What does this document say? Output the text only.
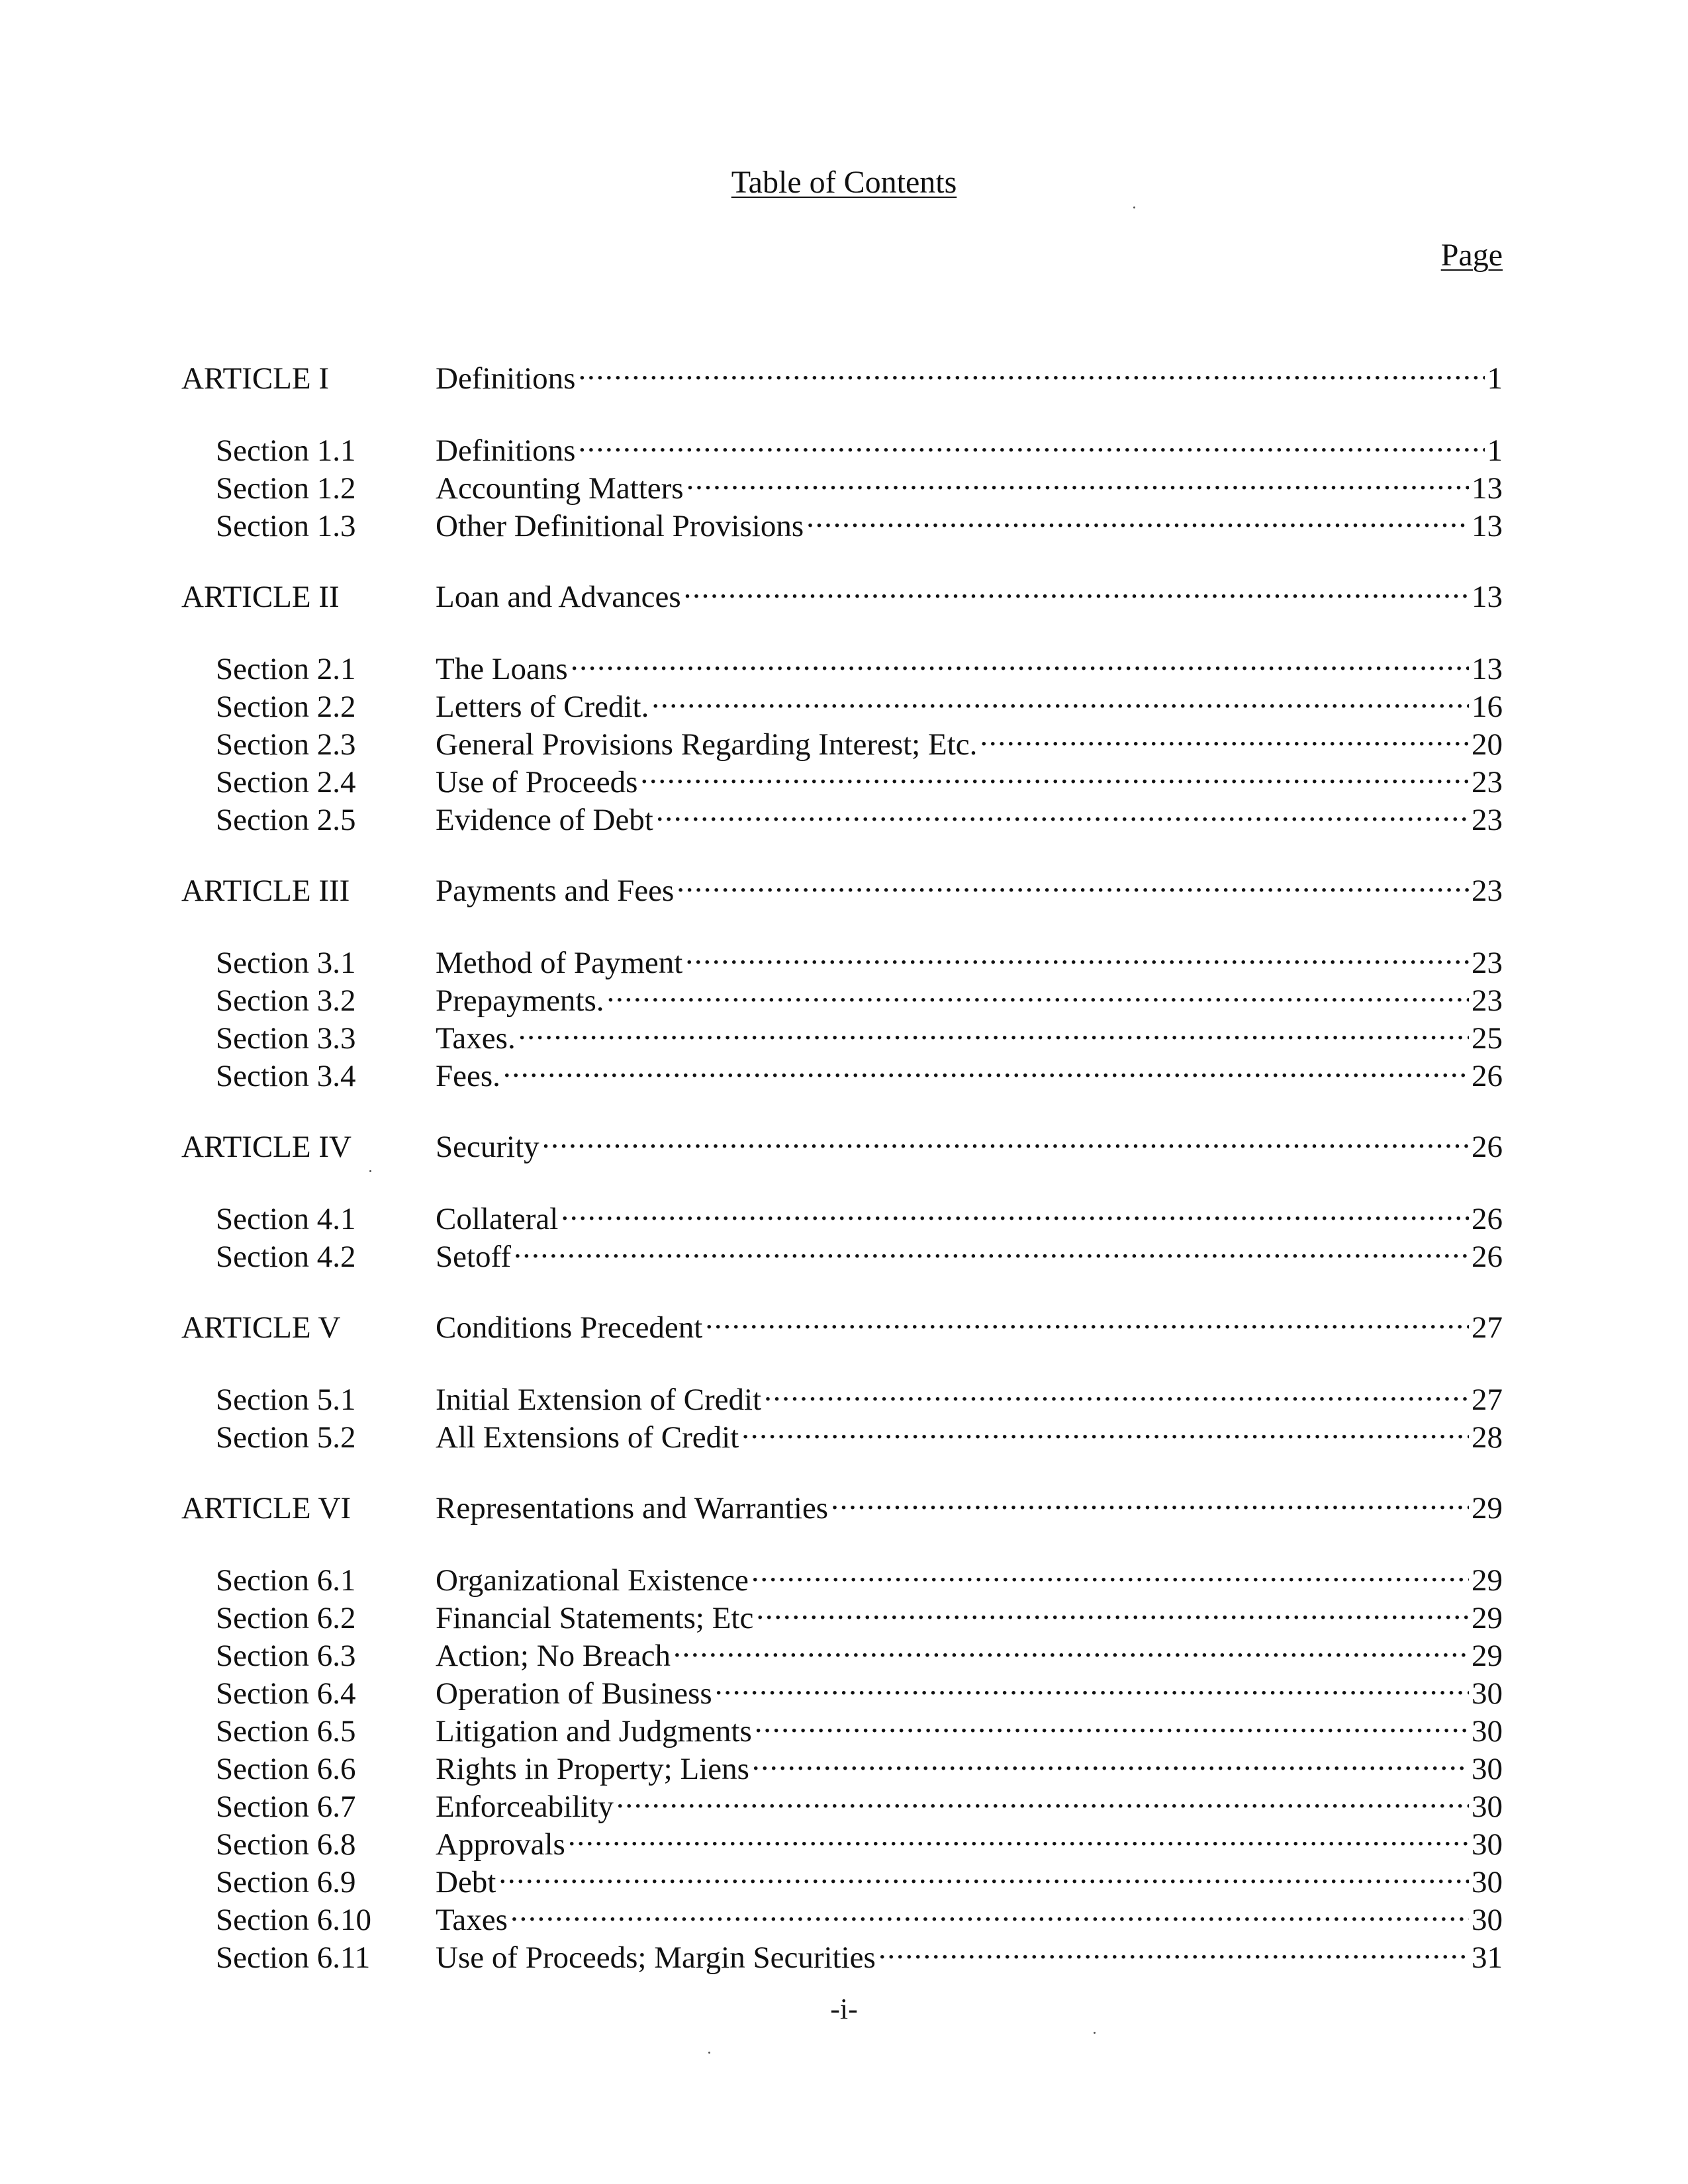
Table of Contents
Page
ARTICLE I	Definitions . . .	1
Section 1.1	Definitions . . .	1
Section 1.2	Accounting Matters . . .	13
Section 1.3	Other Definitional Provisions . . .	13
ARTICLE II	Loan and Advances . . .	13
Section 2.1	The Loans . . .	13
Section 2.2	Letters of Credit. . . .	16
Section 2.3	General Provisions Regarding Interest; Etc. . . .	20
Section 2.4	Use of Proceeds . . .	23
Section 2.5	Evidence of Debt . . .	23
ARTICLE III	Payments and Fees . . .	23
Section 3.1	Method of Payment . . .	23
Section 3.2	Prepayments. . . .	23
Section 3.3	Taxes. . . .	25
Section 3.4	Fees. . . .	26
ARTICLE IV	Security . . .	26
Section 4.1	Collateral . . .	26
Section 4.2	Setoff . . .	26
ARTICLE V	Conditions Precedent . . .	27
Section 5.1	Initial Extension of Credit . . .	27
Section 5.2	All Extensions of Credit . . .	28
ARTICLE VI	Representations and Warranties . . .	29
Section 6.1	Organizational Existence . . .	29
Section 6.2	Financial Statements; Etc . . .	29
Section 6.3	Action; No Breach . . .	29
Section 6.4	Operation of Business . . .	30
Section 6.5	Litigation and Judgments . . .	30
Section 6.6	Rights in Property; Liens . . .	30
Section 6.7	Enforceability . . .	30
Section 6.8	Approvals . . .	30
Section 6.9	Debt . . .	30
Section 6.10	Taxes . . .	30
Section 6.11	Use of Proceeds; Margin Securities . . .	31
-i-
